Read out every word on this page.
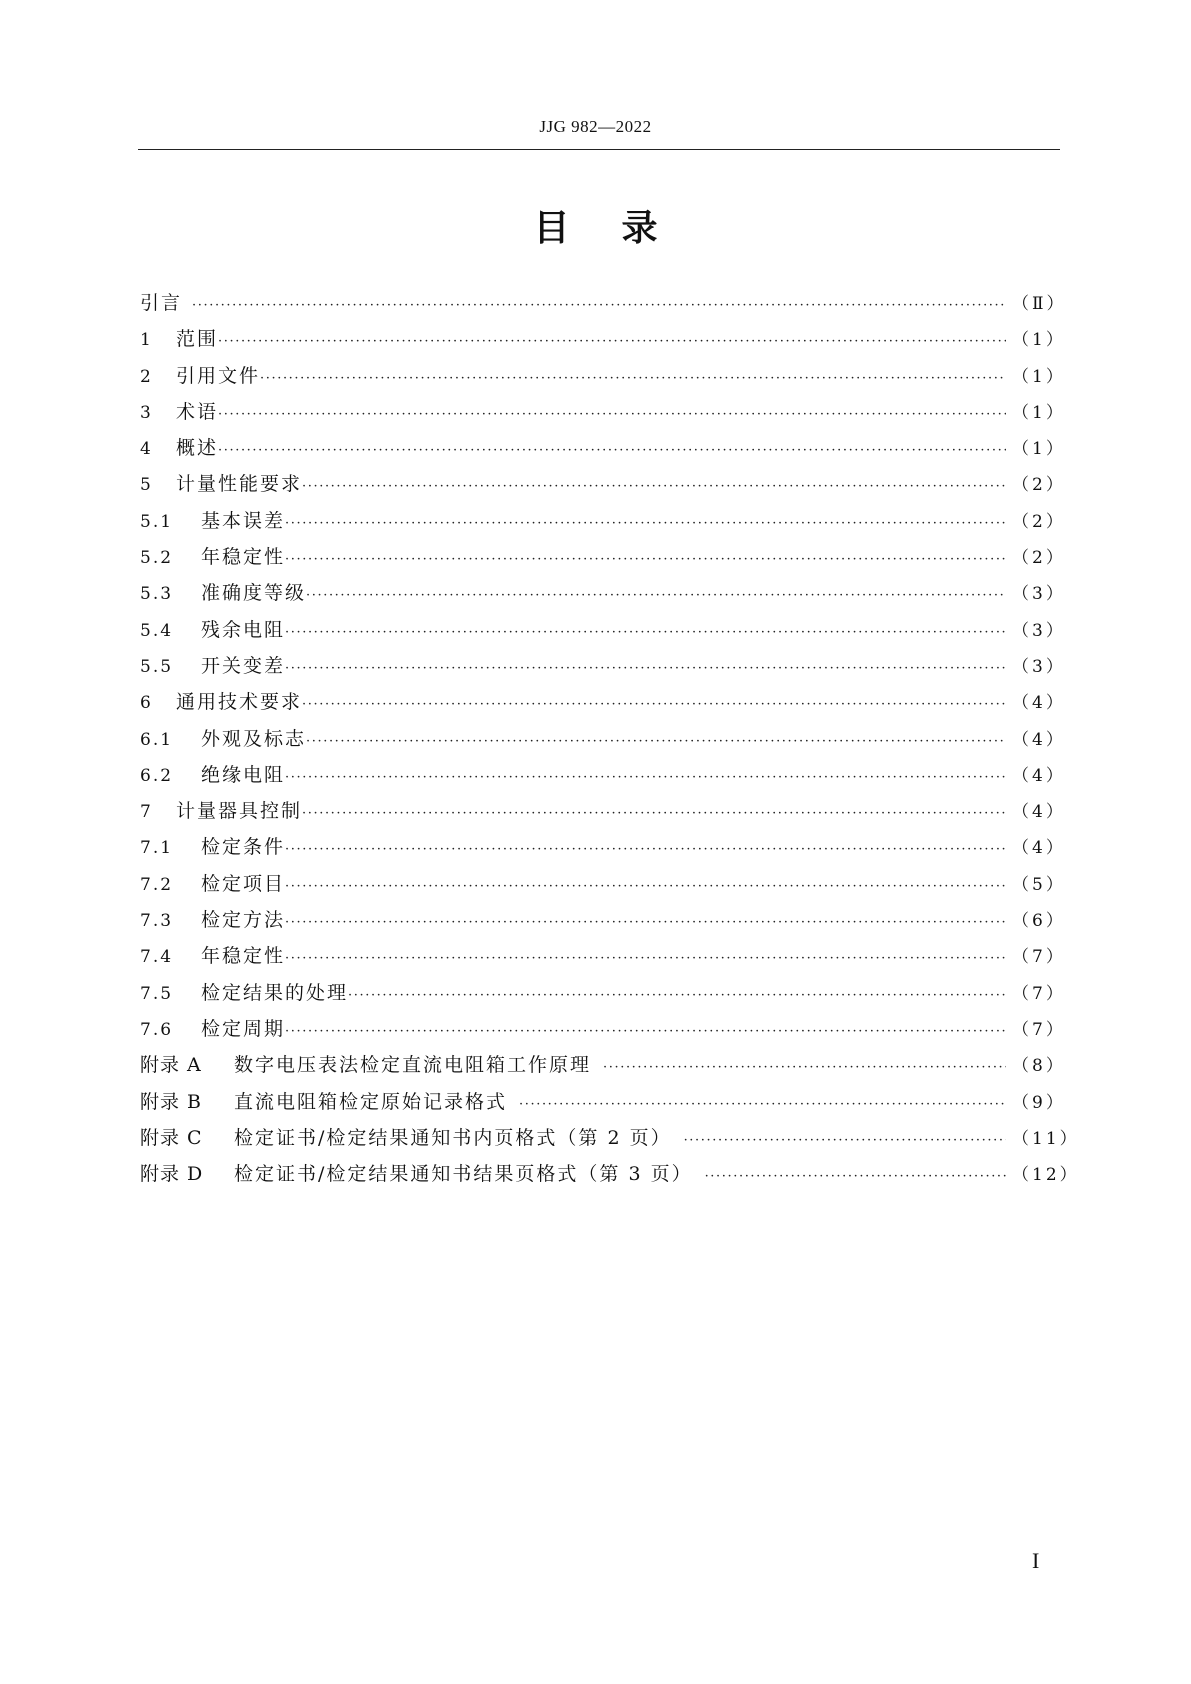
JJG 982—2022
目录
引言 ·····	（Ⅱ）
1	范围 ·····	（1）
2	引用文件 ·····	（1）
3	术语 ·····	（1）
4	概述 ·····	（1）
5	计量性能要求 ·····	（2）
5.1	基本误差 ·····	（2）
5.2	年稳定性 ·····	（2）
5.3	准确度等级 ·····	（3）
5.4	残余电阻 ·····	（3）
5.5	开关变差 ·····	（3）
6	通用技术要求 ·····	（4）
6.1	外观及标志 ·····	（4）
6.2	绝缘电阻 ·····	（4）
7	计量器具控制 ·····	（4）
7.1	检定条件 ·····	（4）
7.2	检定项目 ·····	（5）
7.3	检定方法 ·····	（6）
7.4	年稳定性 ·····	（7）
7.5	检定结果的处理 ·····	（7）
7.6	检定周期 ·····	（7）
附录 A	数字电压表法检定直流电阻箱工作原理 ·····	（8）
附录 B	直流电阻箱检定原始记录格式 ·····	（9）
附录 C	检定证书/检定结果通知书内页格式（第 2 页） ·····	（11）
附录 D	检定证书/检定结果通知书结果页格式（第 3 页） ·····	（12）
I
